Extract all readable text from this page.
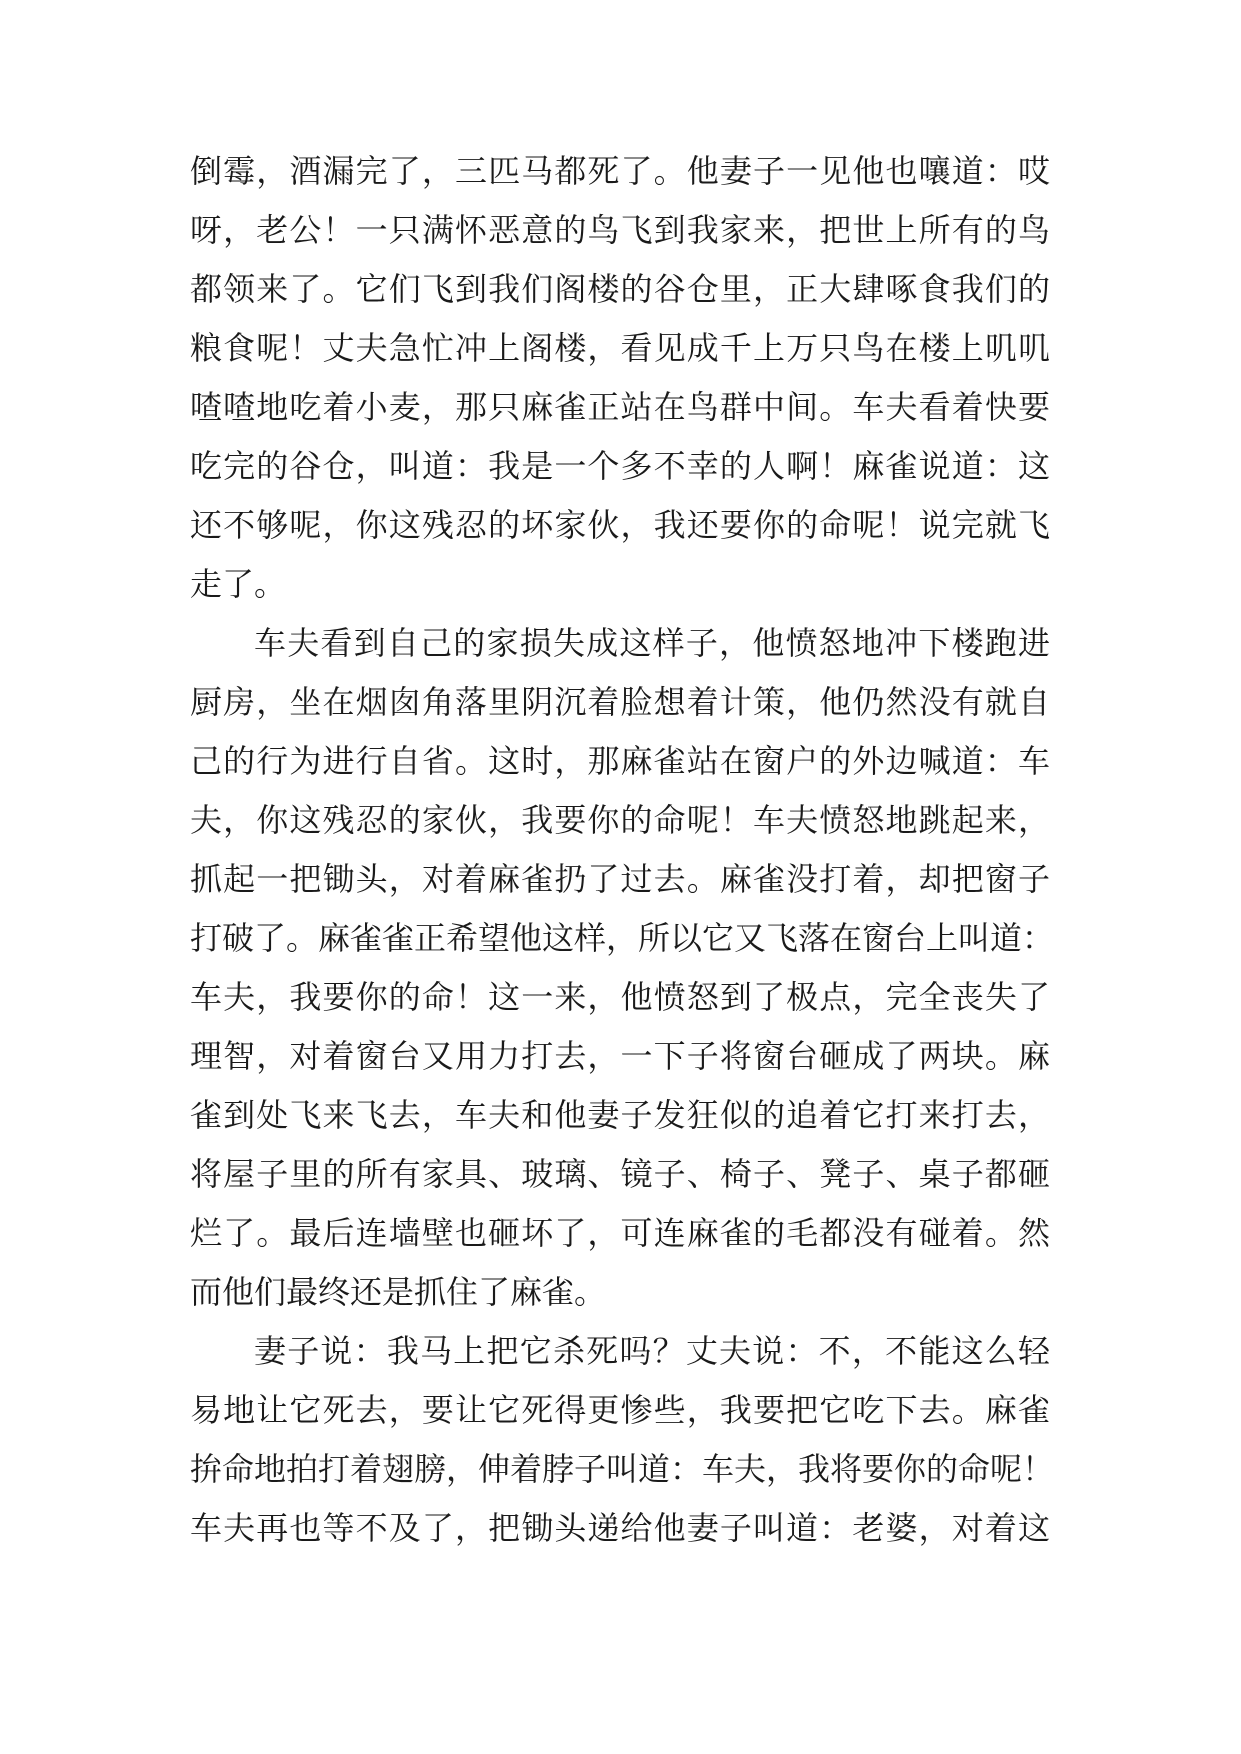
倒霉，酒漏完了，三匹马都死了。他妻子一见他也嚷道：哎
呀，老公！一只满怀恶意的鸟飞到我家来，把世上所有的鸟
都领来了。它们飞到我们阁楼的谷仓里，正大肆啄食我们的
粮食呢！丈夫急忙冲上阁楼，看见成千上万只鸟在楼上叽叽
喳喳地吃着小麦，那只麻雀正站在鸟群中间。车夫看着快要
吃完的谷仓，叫道：我是一个多不幸的人啊！麻雀说道：这
还不够呢，你这残忍的坏家伙，我还要你的命呢！说完就飞
走了。
车夫看到自己的家损失成这样子，他愤怒地冲下楼跑进
厨房，坐在烟囱角落里阴沉着脸想着计策，他仍然没有就自
己的行为进行自省。这时，那麻雀站在窗户的外边喊道：车
夫，你这残忍的家伙，我要你的命呢！车夫愤怒地跳起来，
抓起一把锄头，对着麻雀扔了过去。麻雀没打着，却把窗子
打破了。麻雀雀正希望他这样，所以它又飞落在窗台上叫道：
车夫，我要你的命！这一来，他愤怒到了极点，完全丧失了
理智，对着窗台又用力打去，一下子将窗台砸成了两块。麻
雀到处飞来飞去，车夫和他妻子发狂似的追着它打来打去，
将屋子里的所有家具、玻璃、镜子、椅子、凳子、桌子都砸
烂了。最后连墙壁也砸坏了，可连麻雀的毛都没有碰着。然
而他们最终还是抓住了麻雀。
妻子说：我马上把它杀死吗？丈夫说：不，不能这么轻
易地让它死去，要让它死得更惨些，我要把它吃下去。麻雀
拚命地拍打着翅膀，伸着脖子叫道：车夫，我将要你的命呢！
车夫再也等不及了，把锄头递给他妻子叫道：老婆，对着这
